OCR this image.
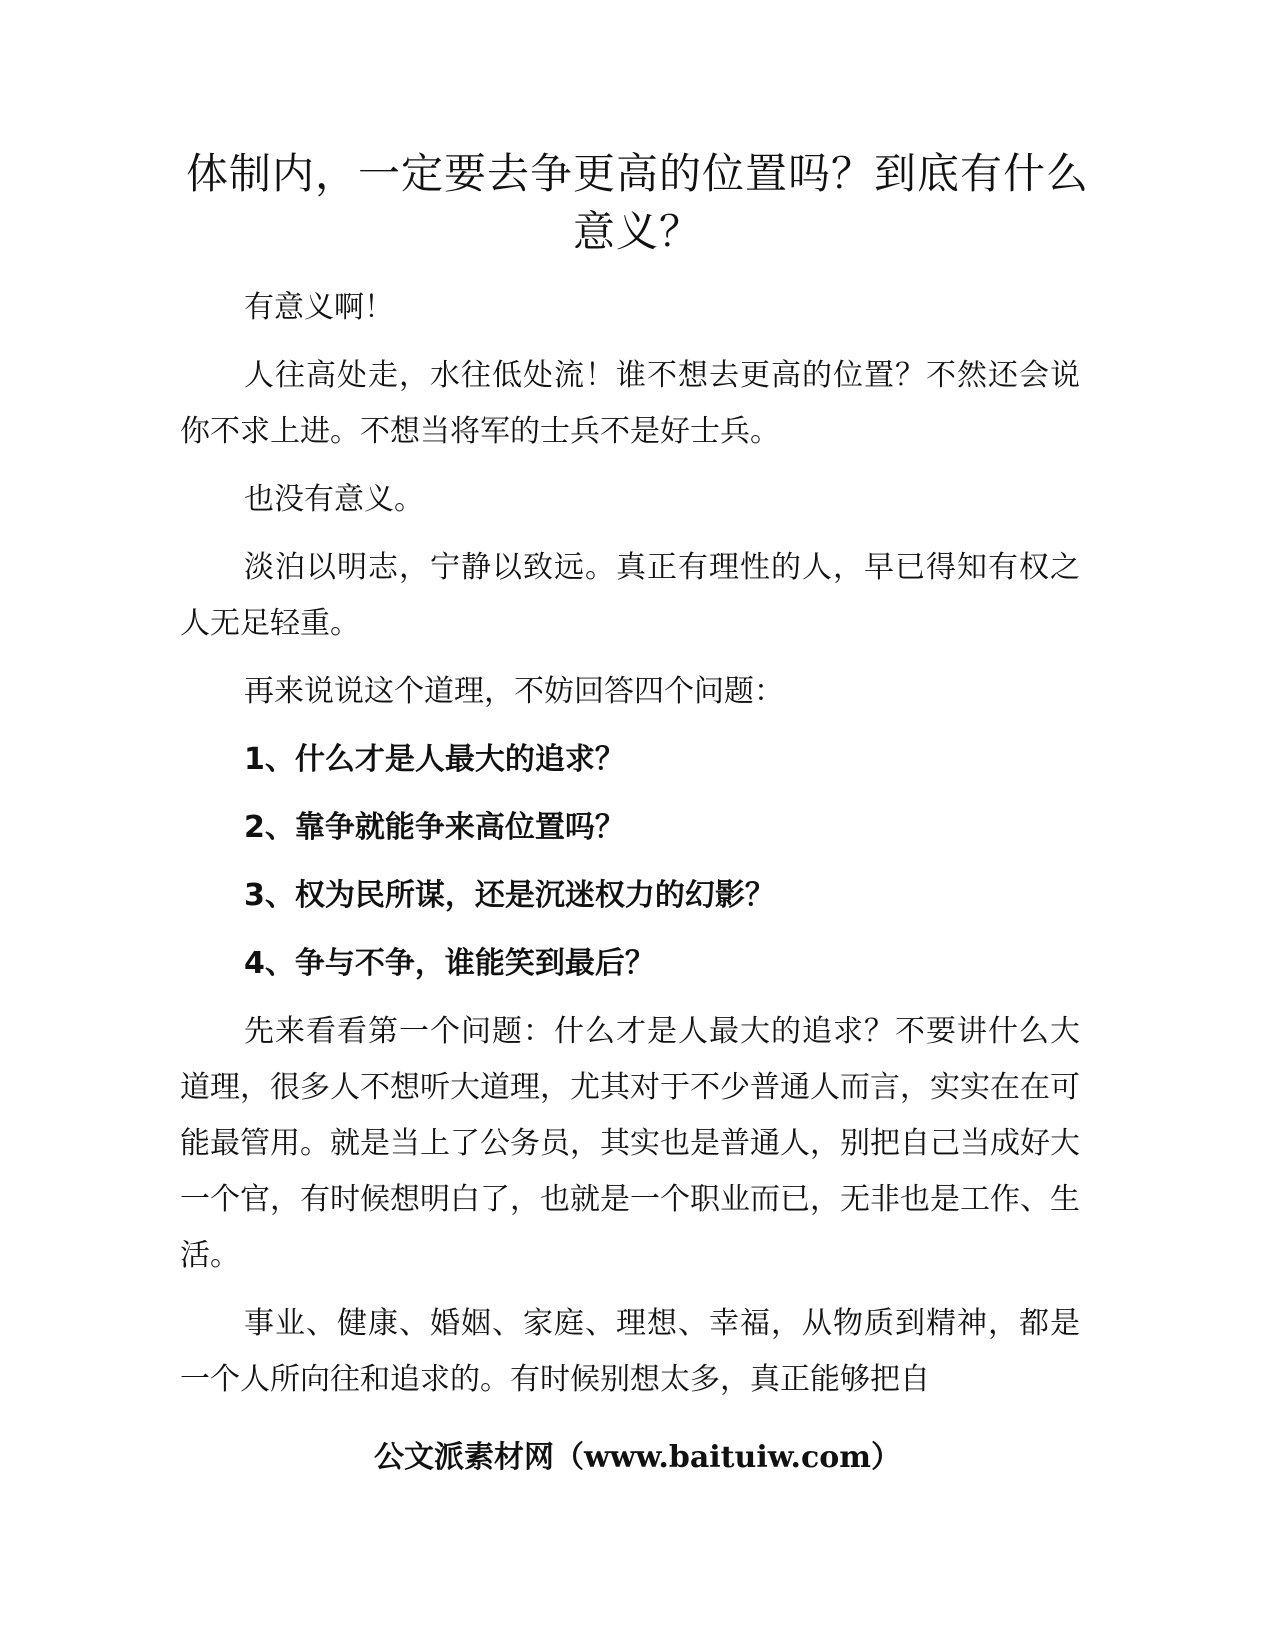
体制内，一定要去争更高的位置吗？到底有什么意义？

有意义啊！

人往高处走，水往低处流！谁不想去更高的位置？不然还会说你不求上进。不想当将军的士兵不是好士兵。

也没有意义。

淡泊以明志，宁静以致远。真正有理性的人，早已得知有权之人无足轻重。

再来说说这个道理，不妨回答四个问题：

1、什么才是人最大的追求？

2、靠争就能争来高位置吗？

3、权为民所谋，还是沉迷权力的幻影？

4、争与不争，谁能笑到最后？

先来看看第一个问题：什么才是人最大的追求？不要讲什么大道理，很多人不想听大道理，尤其对于不少普通人而言，实实在在可能最管用。就是当上了公务员，其实也是普通人，别把自己当成好大一个官，有时候想明白了，也就是一个职业而已，无非也是工作、生活。

事业、健康、婚姻、家庭、理想、幸福，从物质到精神，都是一个人所向往和追求的。有时候别想太多，真正能够把自

公文派素材网（www.baituiw.com）
